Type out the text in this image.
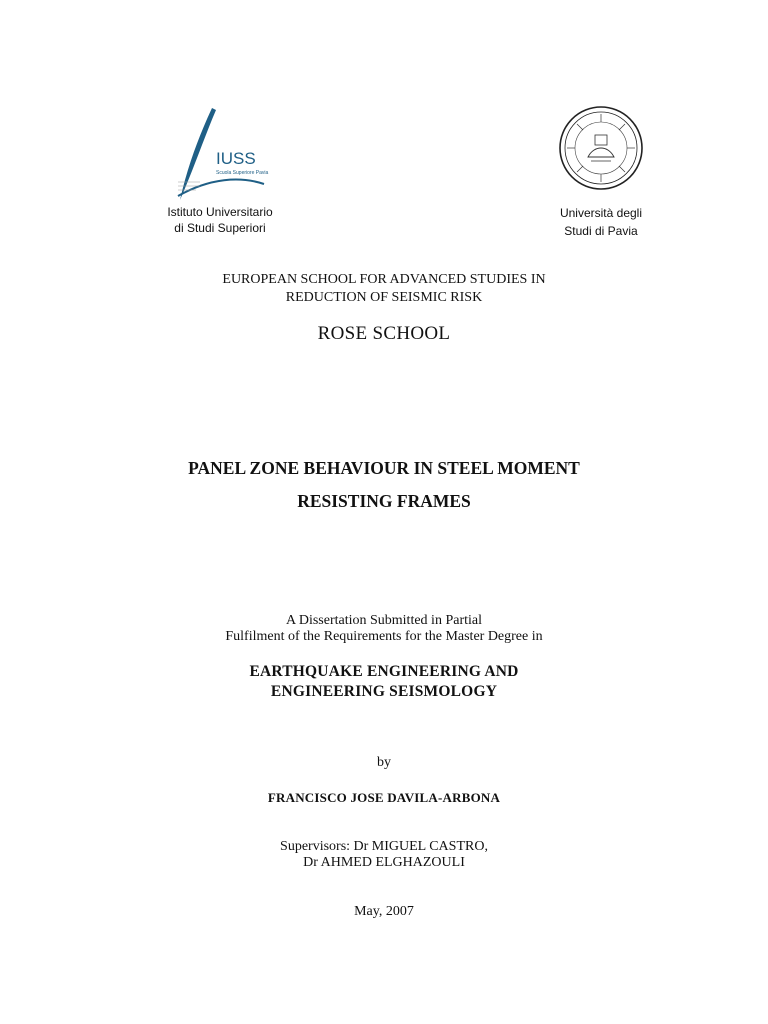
IUSS
Scuola Superiore Pavia
Istituto Universitario
di Studi Superiori
Università degli
Studi di Pavia
EUROPEAN SCHOOL FOR ADVANCED STUDIES IN
REDUCTION OF SEISMIC RISK
ROSE SCHOOL
PANEL ZONE BEHAVIOUR IN STEEL MOMENT
RESISTING FRAMES
A Dissertation Submitted in Partial
Fulfilment of the Requirements for the Master Degree in
EARTHQUAKE ENGINEERING AND
ENGINEERING SEISMOLOGY
by
FRANCISCO JOSE DAVILA-ARBONA
Supervisors: Dr MIGUEL CASTRO,
Dr AHMED ELGHAZOULI
May, 2007
